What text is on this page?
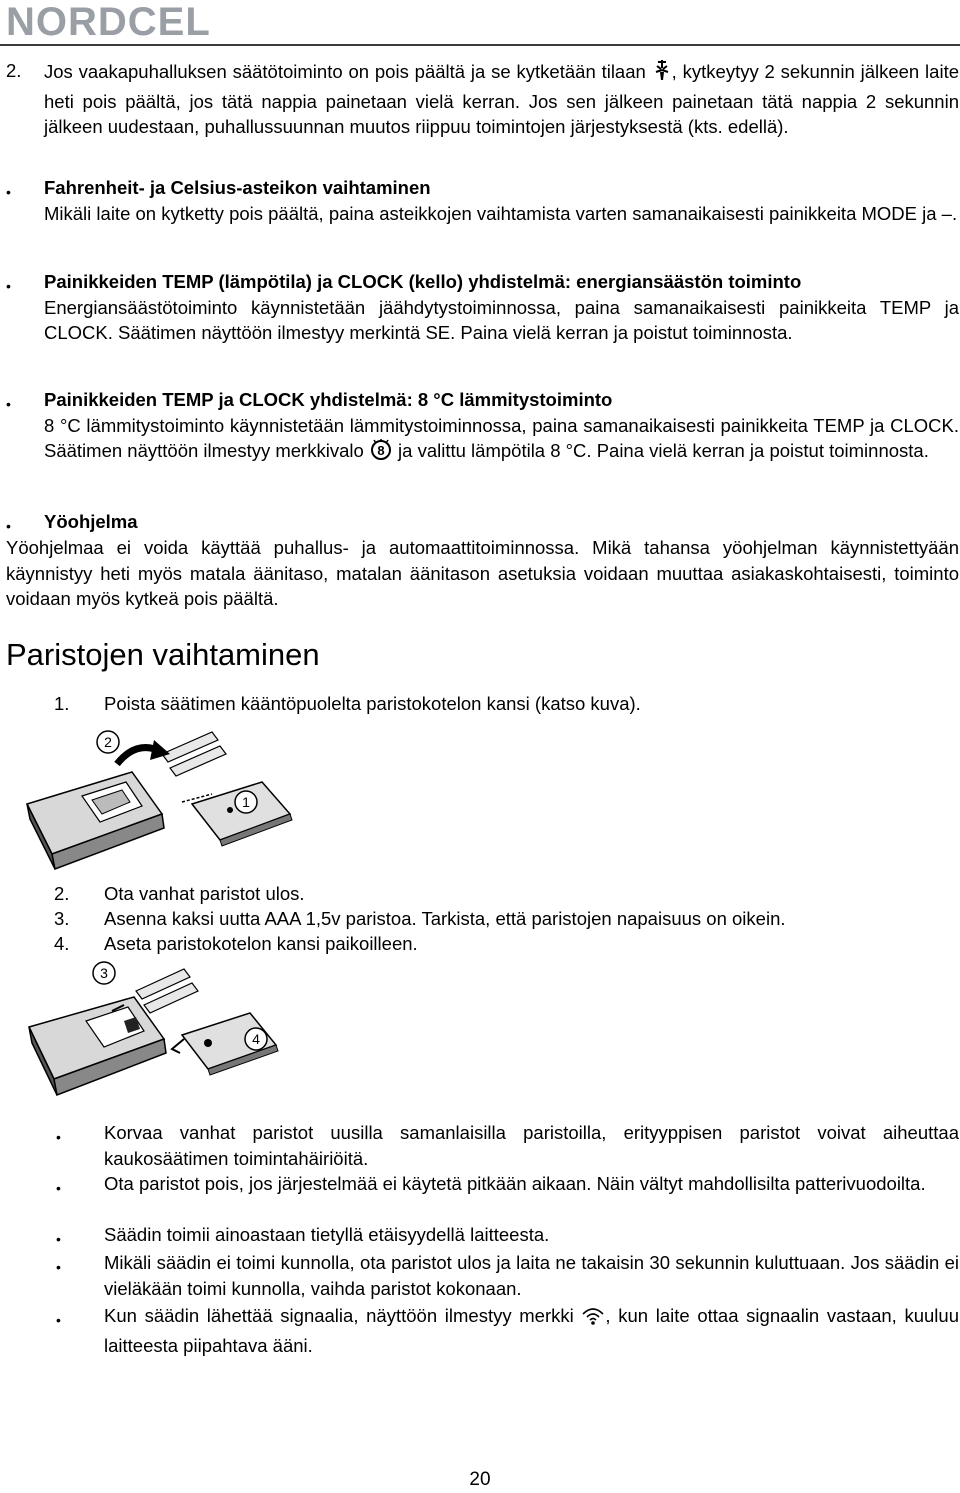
NORDCEL
2. Jos vaakapuhalluksen säätötoiminto on pois päältä ja se kytketään tilaan , kytkeytyy 2 sekunnin jälkeen laite heti pois päältä, jos tätä nappia painetaan vielä kerran. Jos sen jälkeen painetaan tätä nappia 2 sekunnin jälkeen uudestaan, puhallussuunnan muutos riippuu toimintojen järjestyksestä (kts. edellä).
•	Fahrenheit- ja Celsius-asteikon vaihtaminen
Mikäli laite on kytketty pois päältä, paina asteikkojen vaihtamista varten samanaikaisesti painikkeita MODE ja –.
•	Painikkeiden TEMP (lämpötila) ja CLOCK (kello) yhdistelmä: energiansäästön toiminto
Energiansäästötoiminto käynnistetään jäähdytystoiminnossa, paina samanaikaisesti painikkeita TEMP ja CLOCK. Säätimen näyttöön ilmestyy merkintä SE. Paina vielä kerran ja poistut toiminnosta.
•	Painikkeiden TEMP ja CLOCK yhdistelmä: 8 °C lämmitystoiminto
8 °C lämmitystoiminto käynnistetään lämmitystoiminnossa, paina samanaikaisesti painikkeita TEMP ja CLOCK. Säätimen näyttöön ilmestyy merkkivalo 8 ja valittu lämpötila 8 °C. Paina vielä kerran ja poistut toiminnosta.
•	Yöohjelma
Yöohjelmaa ei voida käyttää puhallus- ja automaattitoiminnossa. Mikä tahansa yöohjelman käynnistettyään käynnistyy heti myös matala äänitaso, matalan äänitason asetuksia voidaan muuttaa asiakaskohtaisesti, toiminto voidaan myös kytkeä pois päältä.
Paristojen vaihtaminen
1.	Poista säätimen kääntöpuolelta paristokotelon kansi (katso kuva).
2
1
2.	Ota vanhat paristot ulos.
3.	Asenna kaksi uutta AAA 1,5v paristoa. Tarkista, että paristojen napaisuus on oikein.
4.	Aseta paristokotelon kansi paikoilleen.
3
4
•	Korvaa vanhat paristot uusilla samanlaisilla paristoilla, erityyppisen paristot voivat aiheuttaa kaukosäätimen toimintahäiriöitä.
•	Ota paristot pois, jos järjestelmää ei käytetä pitkään aikaan. Näin vältyt mahdollisilta patterivuodoilta.
•	Säädin toimii ainoastaan tietyllä etäisyydellä laitteesta.
•	Mikäli säädin ei toimi kunnolla, ota paristot ulos ja laita ne takaisin 30 sekunnin kuluttuaan. Jos säädin ei vieläkään toimi kunnolla, vaihda paristot kokonaan.
•	Kun säädin lähettää signaalia, näyttöön ilmestyy merkki , kun laite ottaa signaalin vastaan, kuuluu laitteesta piipahtava ääni.
20
